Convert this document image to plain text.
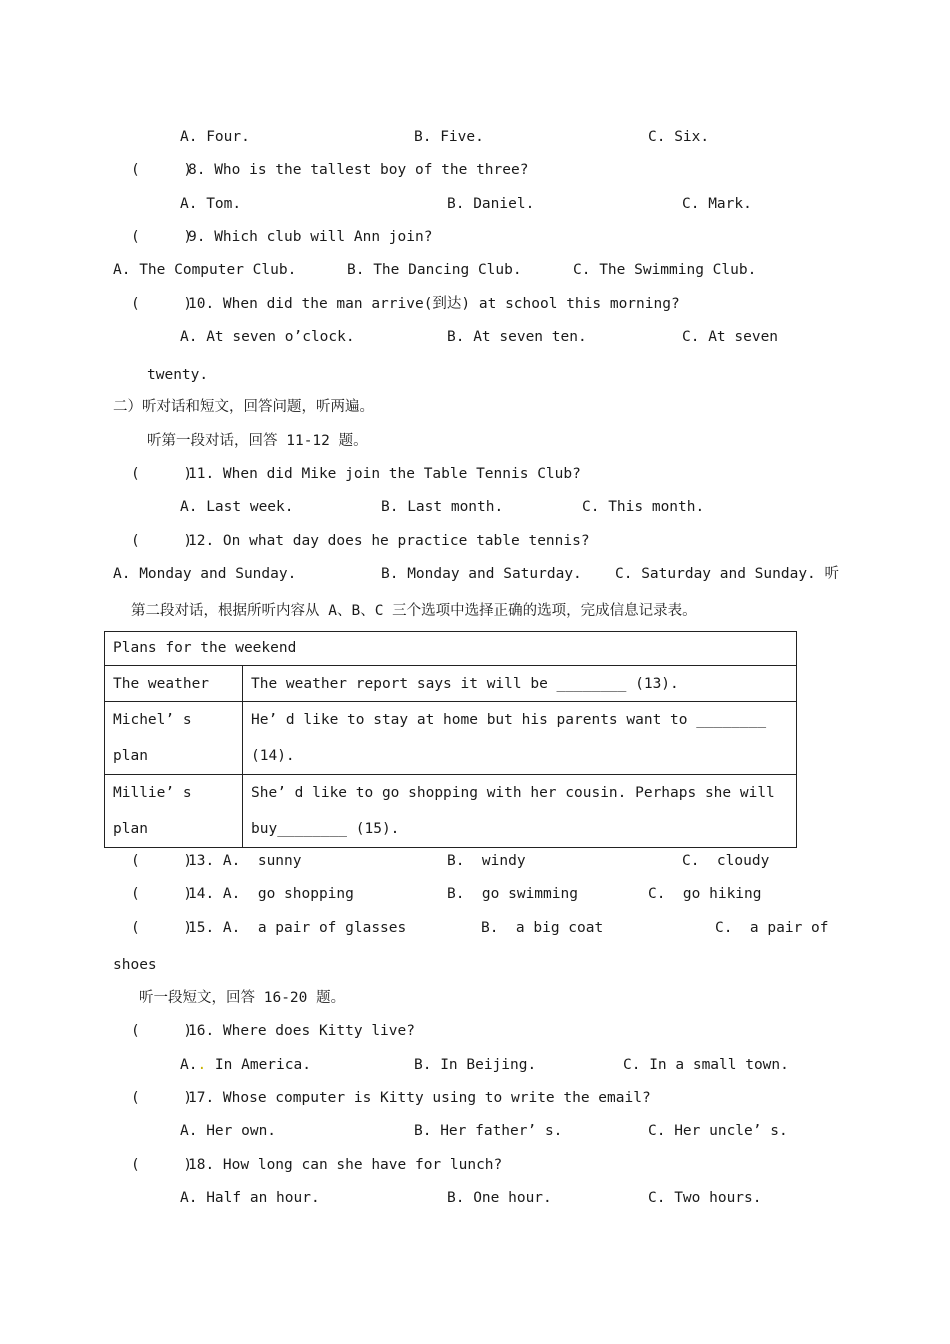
A. Four.	B. Five.	C. Six.
(     )
8. Who is the tallest boy of the three?
A. Tom.	B. Daniel.	C. Mark.
(     )
9. Which club will Ann join?
A. The Computer Club.	B. The Dancing Club.	C. The Swimming Club.
(     )
10. When did the man arrive(到达) at school this morning?
A. At seven o’clock.	B. At seven ten.	C. At seven
twenty.
二）听对话和短文，回答问题，听两遍。
听第一段对话，回答 11-12 题。
(     )
11. When did Mike join the Table Tennis Club?
A. Last week.	B. Last month.	C. This month.
(     )
12. On what day does he practice table tennis?
A. Monday and Sunday.	B. Monday and Saturday. C. Saturday and Sunday. 听
第二段对话，根据所听内容从 A、B、C 三个选项中选择正确的选项，完成信息记录表。
Plans for the weekend	
The weather	The weather report says it will be ________ (13).
Michel’ s plan	He’ d like to stay at home but his parents want to ________ (14).
Millie’ s plan	She’ d like to go shopping with her cousin. Perhaps she will buy________ (15).
(     )
13. A.  sunny	B.  windy	C.  cloudy
(     )
14. A.  go shopping	B.  go swimming	C.  go hiking
(     )
15. A.  a pair of glasses	B.  a big coat	C.  a pair of
shoes
听一段短文，回答 16-20 题。
(     )
16. Where does Kitty live?
A.. In America.	B. In Beijing.	C. In a small town.
(     )
17. Whose computer is Kitty using to write the email?
A. Her own.	B. Her father’ s.	C. Her uncle’ s.
(     )
18. How long can she have for lunch?
A. Half an hour.	B. One hour.	C. Two hours.
